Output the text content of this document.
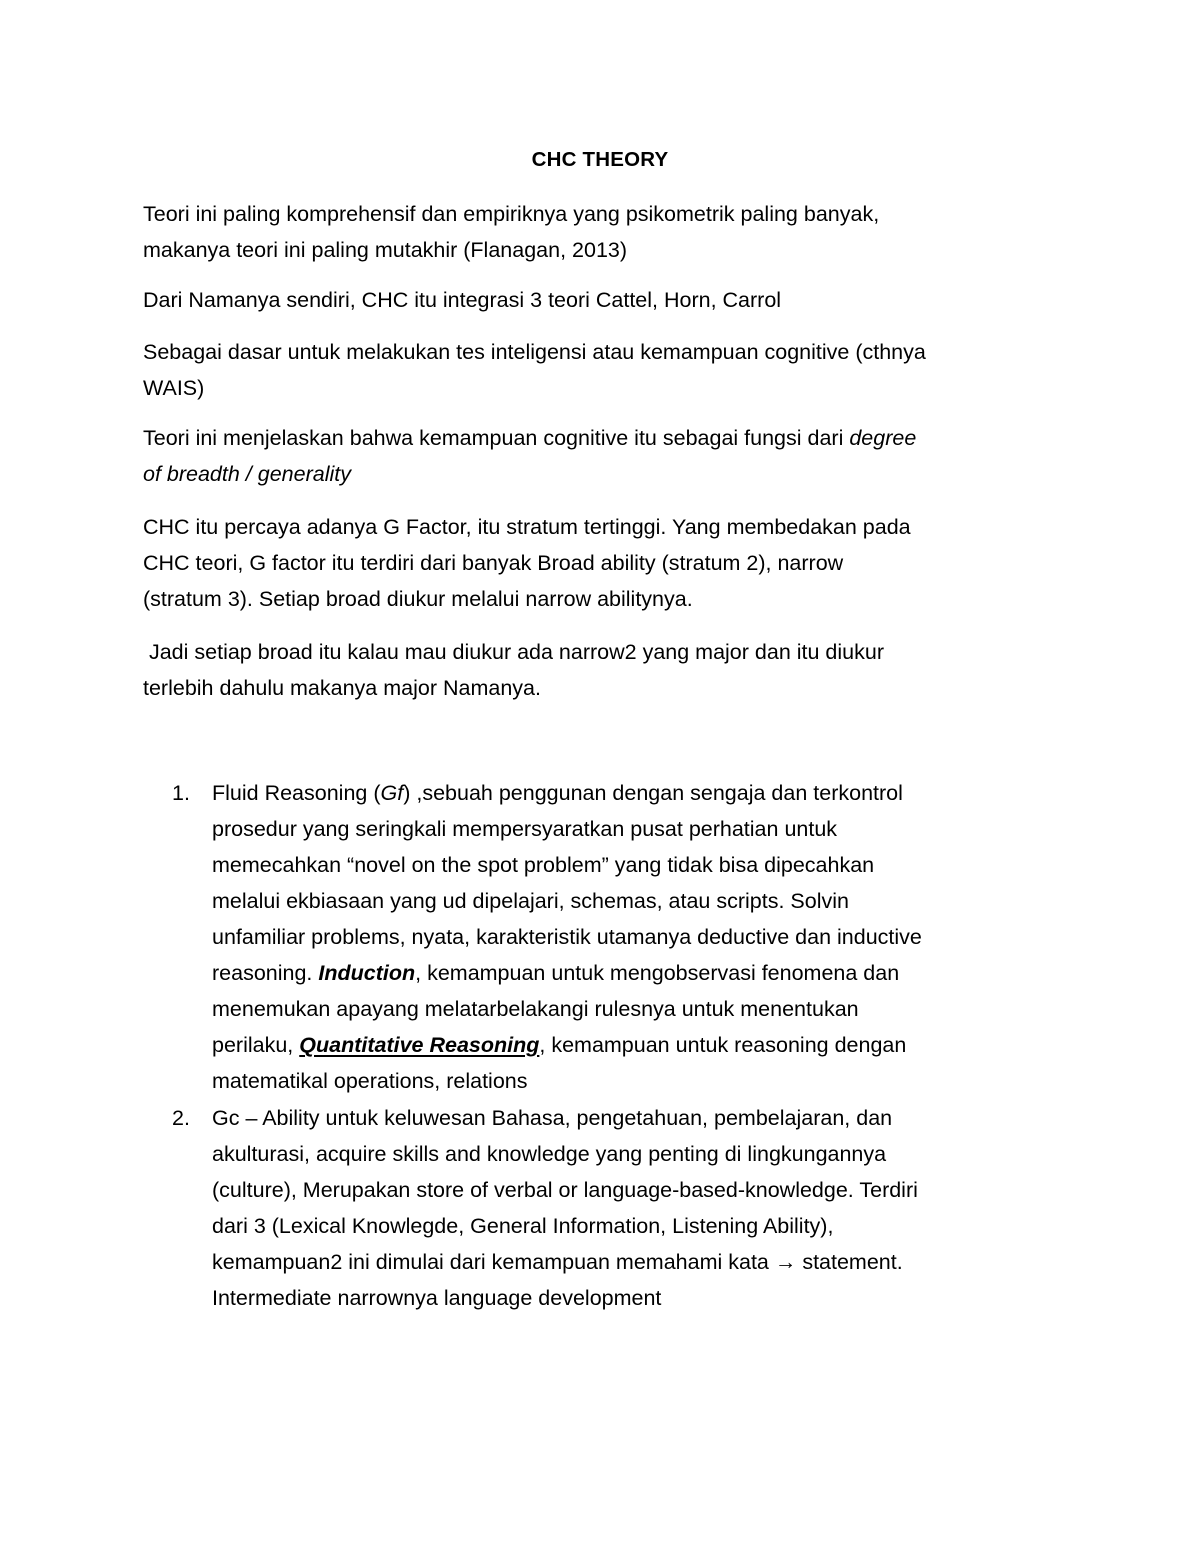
CHC THEORY
Teori ini paling komprehensif dan empiriknya yang psikometrik paling banyak,
makanya teori ini paling mutakhir (Flanagan, 2013)
Dari Namanya sendiri, CHC itu integrasi 3 teori Cattel, Horn, Carrol
Sebagai dasar untuk melakukan tes inteligensi atau kemampuan cognitive (cthnya
WAIS)
Teori ini menjelaskan bahwa kemampuan cognitive itu sebagai fungsi dari degree
of breadth / generality
CHC itu percaya adanya G Factor, itu stratum tertinggi. Yang membedakan pada
CHC teori, G factor itu terdiri dari banyak Broad ability (stratum 2), narrow
(stratum 3). Setiap broad diukur melalui narrow abilitynya.
Jadi setiap broad itu kalau mau diukur ada narrow2 yang major dan itu diukur
terlebih dahulu makanya major Namanya.
1. Fluid Reasoning (Gf) ,sebuah penggunan dengan sengaja dan terkontrol
prosedur yang seringkali mempersyaratkan pusat perhatian untuk
memecahkan “novel on the spot problem” yang tidak bisa dipecahkan
melalui ekbiasaan yang ud dipelajari, schemas, atau scripts. Solvin
unfamiliar problems, nyata, karakteristik utamanya deductive dan inductive
reasoning. Induction, kemampuan untuk mengobservasi fenomena dan
menemukan apayang melatarbelakangi rulesnya untuk menentukan
perilaku, Quantitative Reasoning, kemampuan untuk reasoning dengan
matematikal operations, relations
2. Gc – Ability untuk keluwesan Bahasa, pengetahuan, pembelajaran, dan
akulturasi, acquire skills and knowledge yang penting di lingkungannya
(culture), Merupakan store of verbal or language-based-knowledge. Terdiri
dari 3 (Lexical Knowlegde, General Information, Listening Ability),
kemampuan2 ini dimulai dari kemampuan memahami kata → statement.
Intermediate narrownya language development
